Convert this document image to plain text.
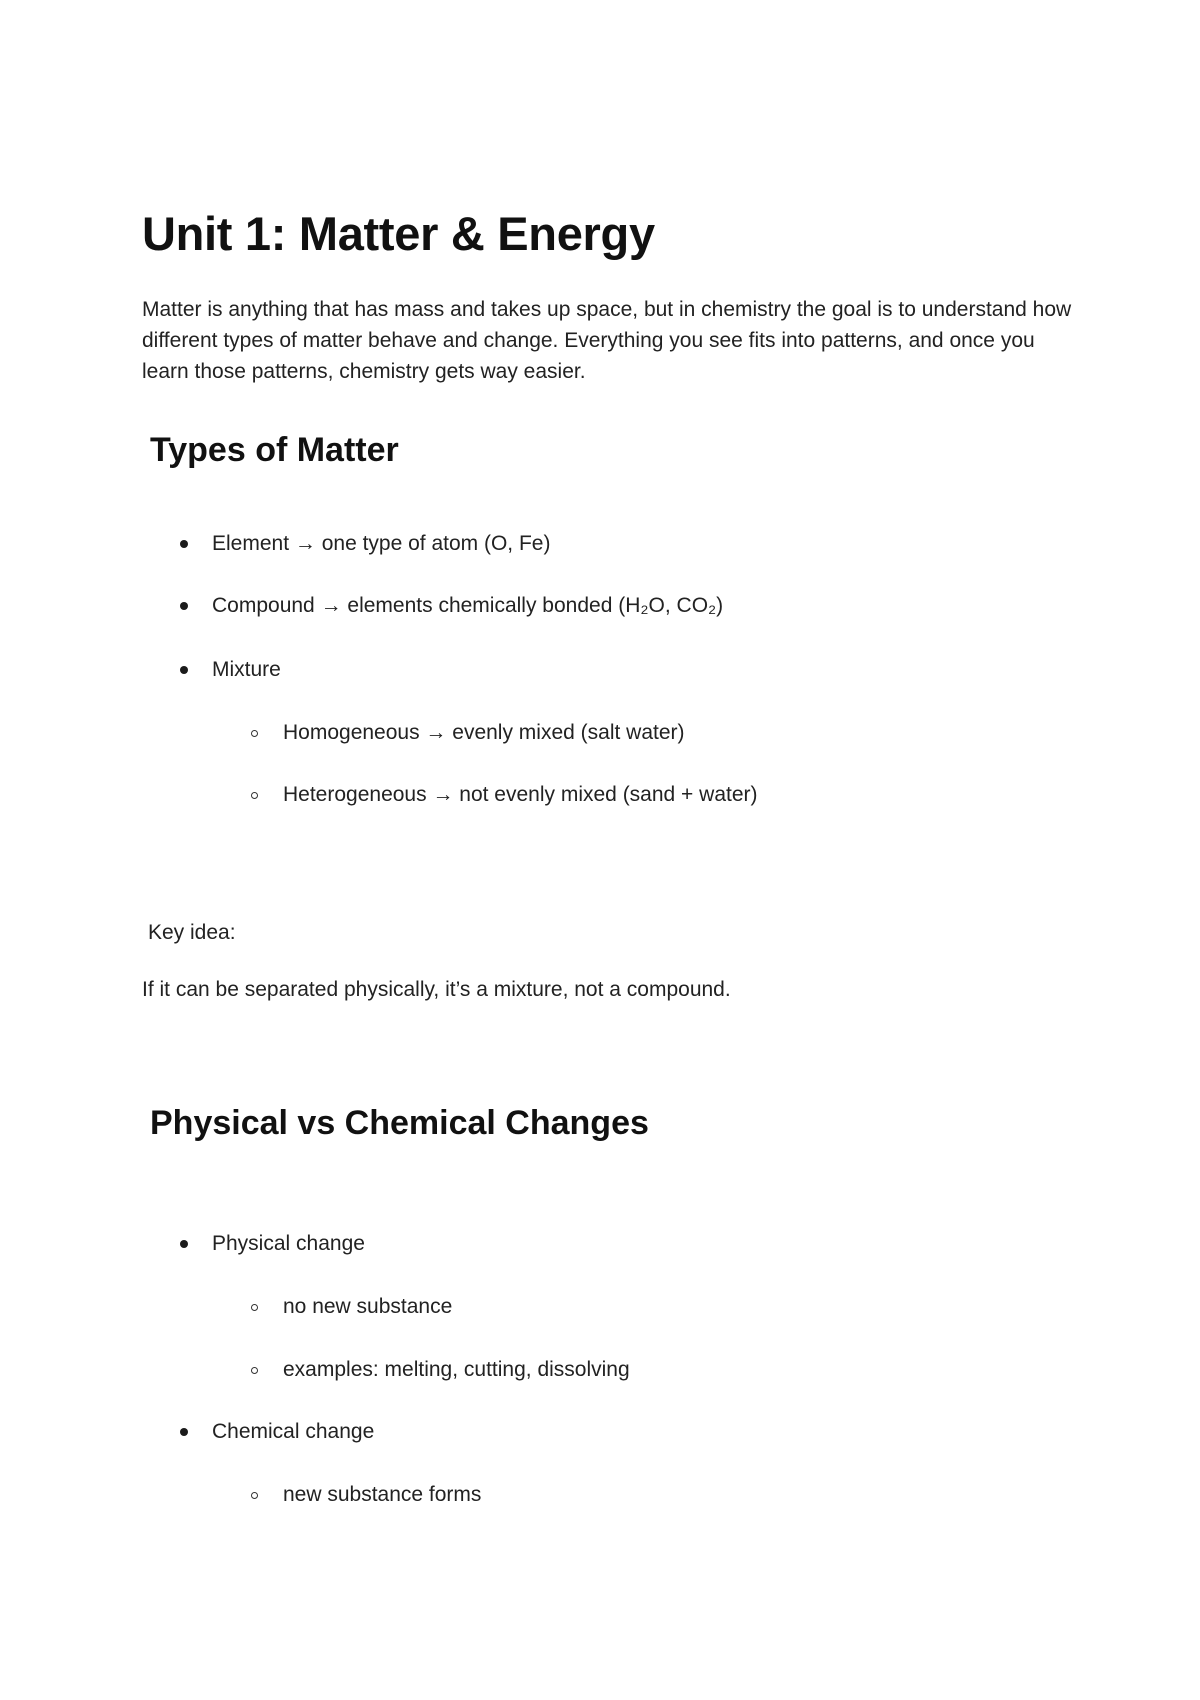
Unit 1: Matter & Energy

Matter is anything that has mass and takes up space, but in chemistry the goal is to understand how different types of matter behave and change. Everything you see fits into patterns, and once you learn those patterns, chemistry gets way easier.

Types of Matter
Element → one type of atom (O, Fe)
Compound → elements chemically bonded (H₂O, CO₂)
Mixture
Homogeneous → evenly mixed (salt water)
Heterogeneous → not evenly mixed (sand + water)
Key idea:
If it can be separated physically, it’s a mixture, not a compound.
Physical vs Chemical Changes
Physical change
no new substance
examples: melting, cutting, dissolving
Chemical change
new substance forms
